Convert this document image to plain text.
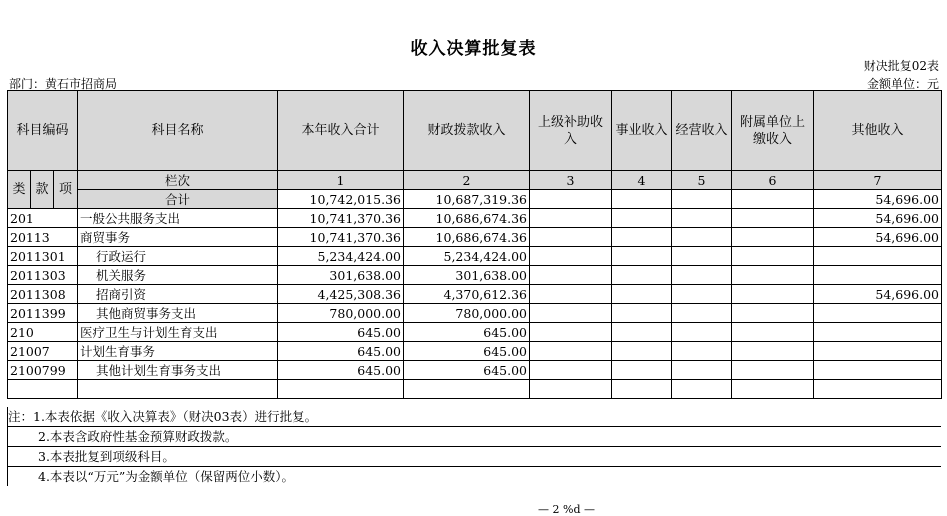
收入决算批复表
财决批复02表
部门：黄石市招商局	金额单位：元
科目编码			科目名称	本年收入合计	财政拨款收入	上级补助收入	事业收入	经营收入	附属单位上缴收入	其他收入
类	款	项	栏次	1	2	3	4	5	6	7
			合计	10,742,015.36	10,687,319.36					54,696.00
201			一般公共服务支出	10,741,370.36	10,686,674.36					54,696.00
20113			商贸事务	10,741,370.36	10,686,674.36					54,696.00
2011301			行政运行	5,234,424.00	5,234,424.00					
2011303			机关服务	301,638.00	301,638.00					
2011308			招商引资	4,425,308.36	4,370,612.36					54,696.00
2011399			其他商贸事务支出	780,000.00	780,000.00					
210			医疗卫生与计划生育支出	645.00	645.00					
21007			计划生育事务	645.00	645.00					
2100799			其他计划生育事务支出	645.00	645.00					

注：1.本表依据《收入决算表》（财决03表）进行批复。
2.本表含政府性基金预算财政拨款。
3.本表批复到项级科目。
4.本表以“万元”为金额单位（保留两位小数）。
— 2 %d —
